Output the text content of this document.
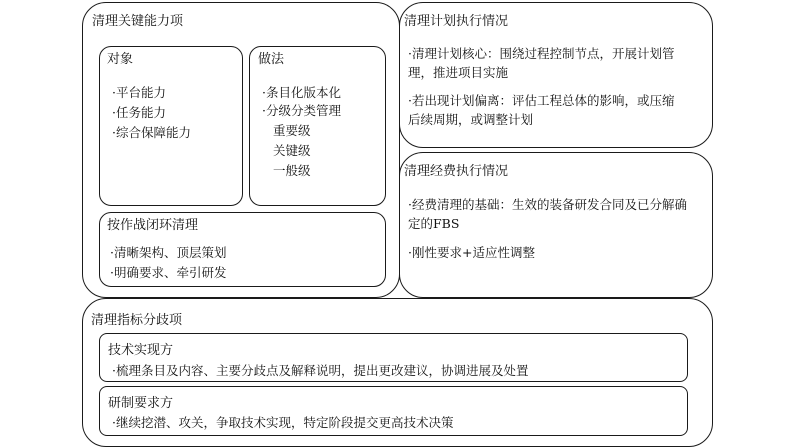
清理关键能力项
对象
·平台能力
·任务能力
·综合保障能力
做法
·条目化版本化
·分级分类管理
重要级
关键级
一般级
按作战闭环清理
·清晰架构、顶层策划
·明确要求、牵引研发
清理计划执行情况
·清理计划核心：围绕过程控制节点，开展计划管理，推进项目实施
·若出现计划偏离：评估工程总体的影响，或压缩后续周期，或调整计划
清理经费执行情况
·经费清理的基础：生效的装备研发合同及已分解确定的FBS
·刚性要求+适应性调整
清理指标分歧项
技术实现方
·梳理条目及内容、主要分歧点及解释说明，提出更改建议，协调进展及处置
研制要求方
·继续挖潜、攻关，争取技术实现，特定阶段提交更高技术决策
